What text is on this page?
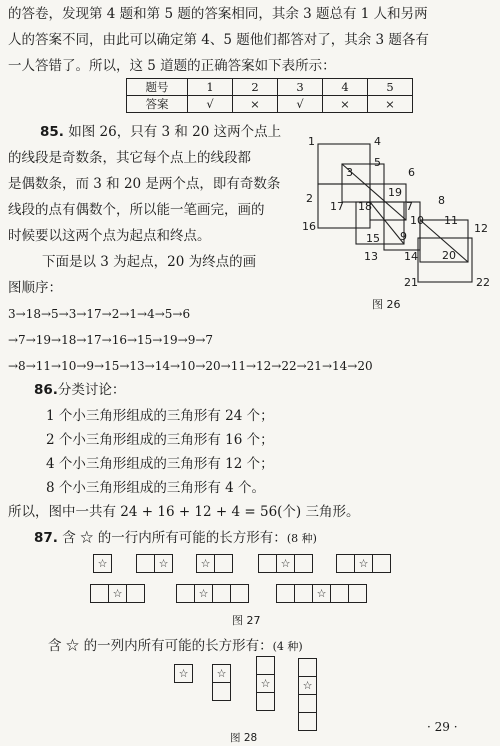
的答卷，发现第 4 题和第 5 题的答案相同，其余 3 题总有 1 人和另两
人的答案不同，由此可以确定第 4、5 题他们都答对了，其余 3 题各有
一人答错了。所以，这 5 道题的正确答案如下表所示：
题号	1	2	3	4	5
答案	√	×	√	×	×
85. 如图 26，只有 3 和 20 这两个点上
的线段是奇数条，其它每个点上的线段都
是偶数条，而 3 和 20 是两个点，即有奇数条
线段的点有偶数个，所以能一笔画完，画的
时候要以这两个点为起点和终点。
下面是以 3 为起点，20 为终点的画
图顺序：
3→18→5→3→17→2→1→4→5→6
→7→19→18→17→16→15→19→9→7
→8→11→10→9→15→13→14→10→20→11→12→22→21→14→20
1	4
3
5
6
2	19
17 18	7 8
16	10 11
12
15 9
13	20
14
21	22
图 26
86.分类讨论：
1 个小三角形组成的三角形有 24 个；
2 个小三角形组成的三角形有 16 个；
4 个小三角形组成的三角形有 12 个；
8 个小三角形组成的三角形有 4 个。
所以，图中一共有 24 + 16 + 12 + 4 = 56(个) 三角形。
87. 含 ☆ 的一行内所有可能的长方形有：(8 种)
☆	☆	☆	☆	☆
☆	☆	☆
图 27
含 ☆ 的一列内所有可能的长方形有：(4 种)
☆	☆
☆	☆
图 28
· 29 ·
